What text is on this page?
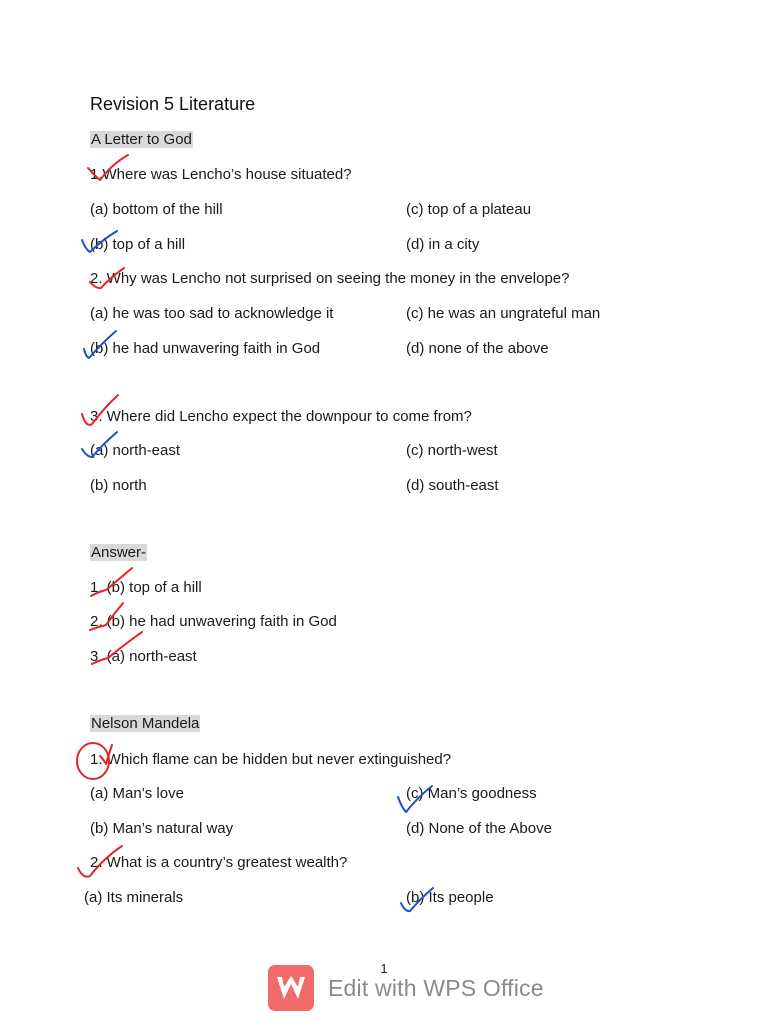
Revision 5 Literature
A Letter to God
1.Where was Lencho’s house situated?
(a) bottom of the hill	(c) top of a plateau
(b) top of a hill	(d) in a city
2. Why was Lencho not surprised on seeing the money in the envelope?
(a) he was too sad to acknowledge it	(c) he was an ungrateful man
(b) he had unwavering faith in God	(d) none of the above
3. Where did Lencho expect the downpour to come from?
(a) north-east	(c) north-west
(b) north	(d) south-east
Answer-
1. (b) top of a hill
2. (b) he had unwavering faith in God
3. (a) north-east
Nelson Mandela
1. Which flame can be hidden but never extinguished?
(a) Man’s love	(c) Man’s goodness
(b) Man’s natural way	(d) None of the Above
2. What is a country’s greatest wealth?
(a) Its minerals	(b) Its people
1
Edit with WPS Office
